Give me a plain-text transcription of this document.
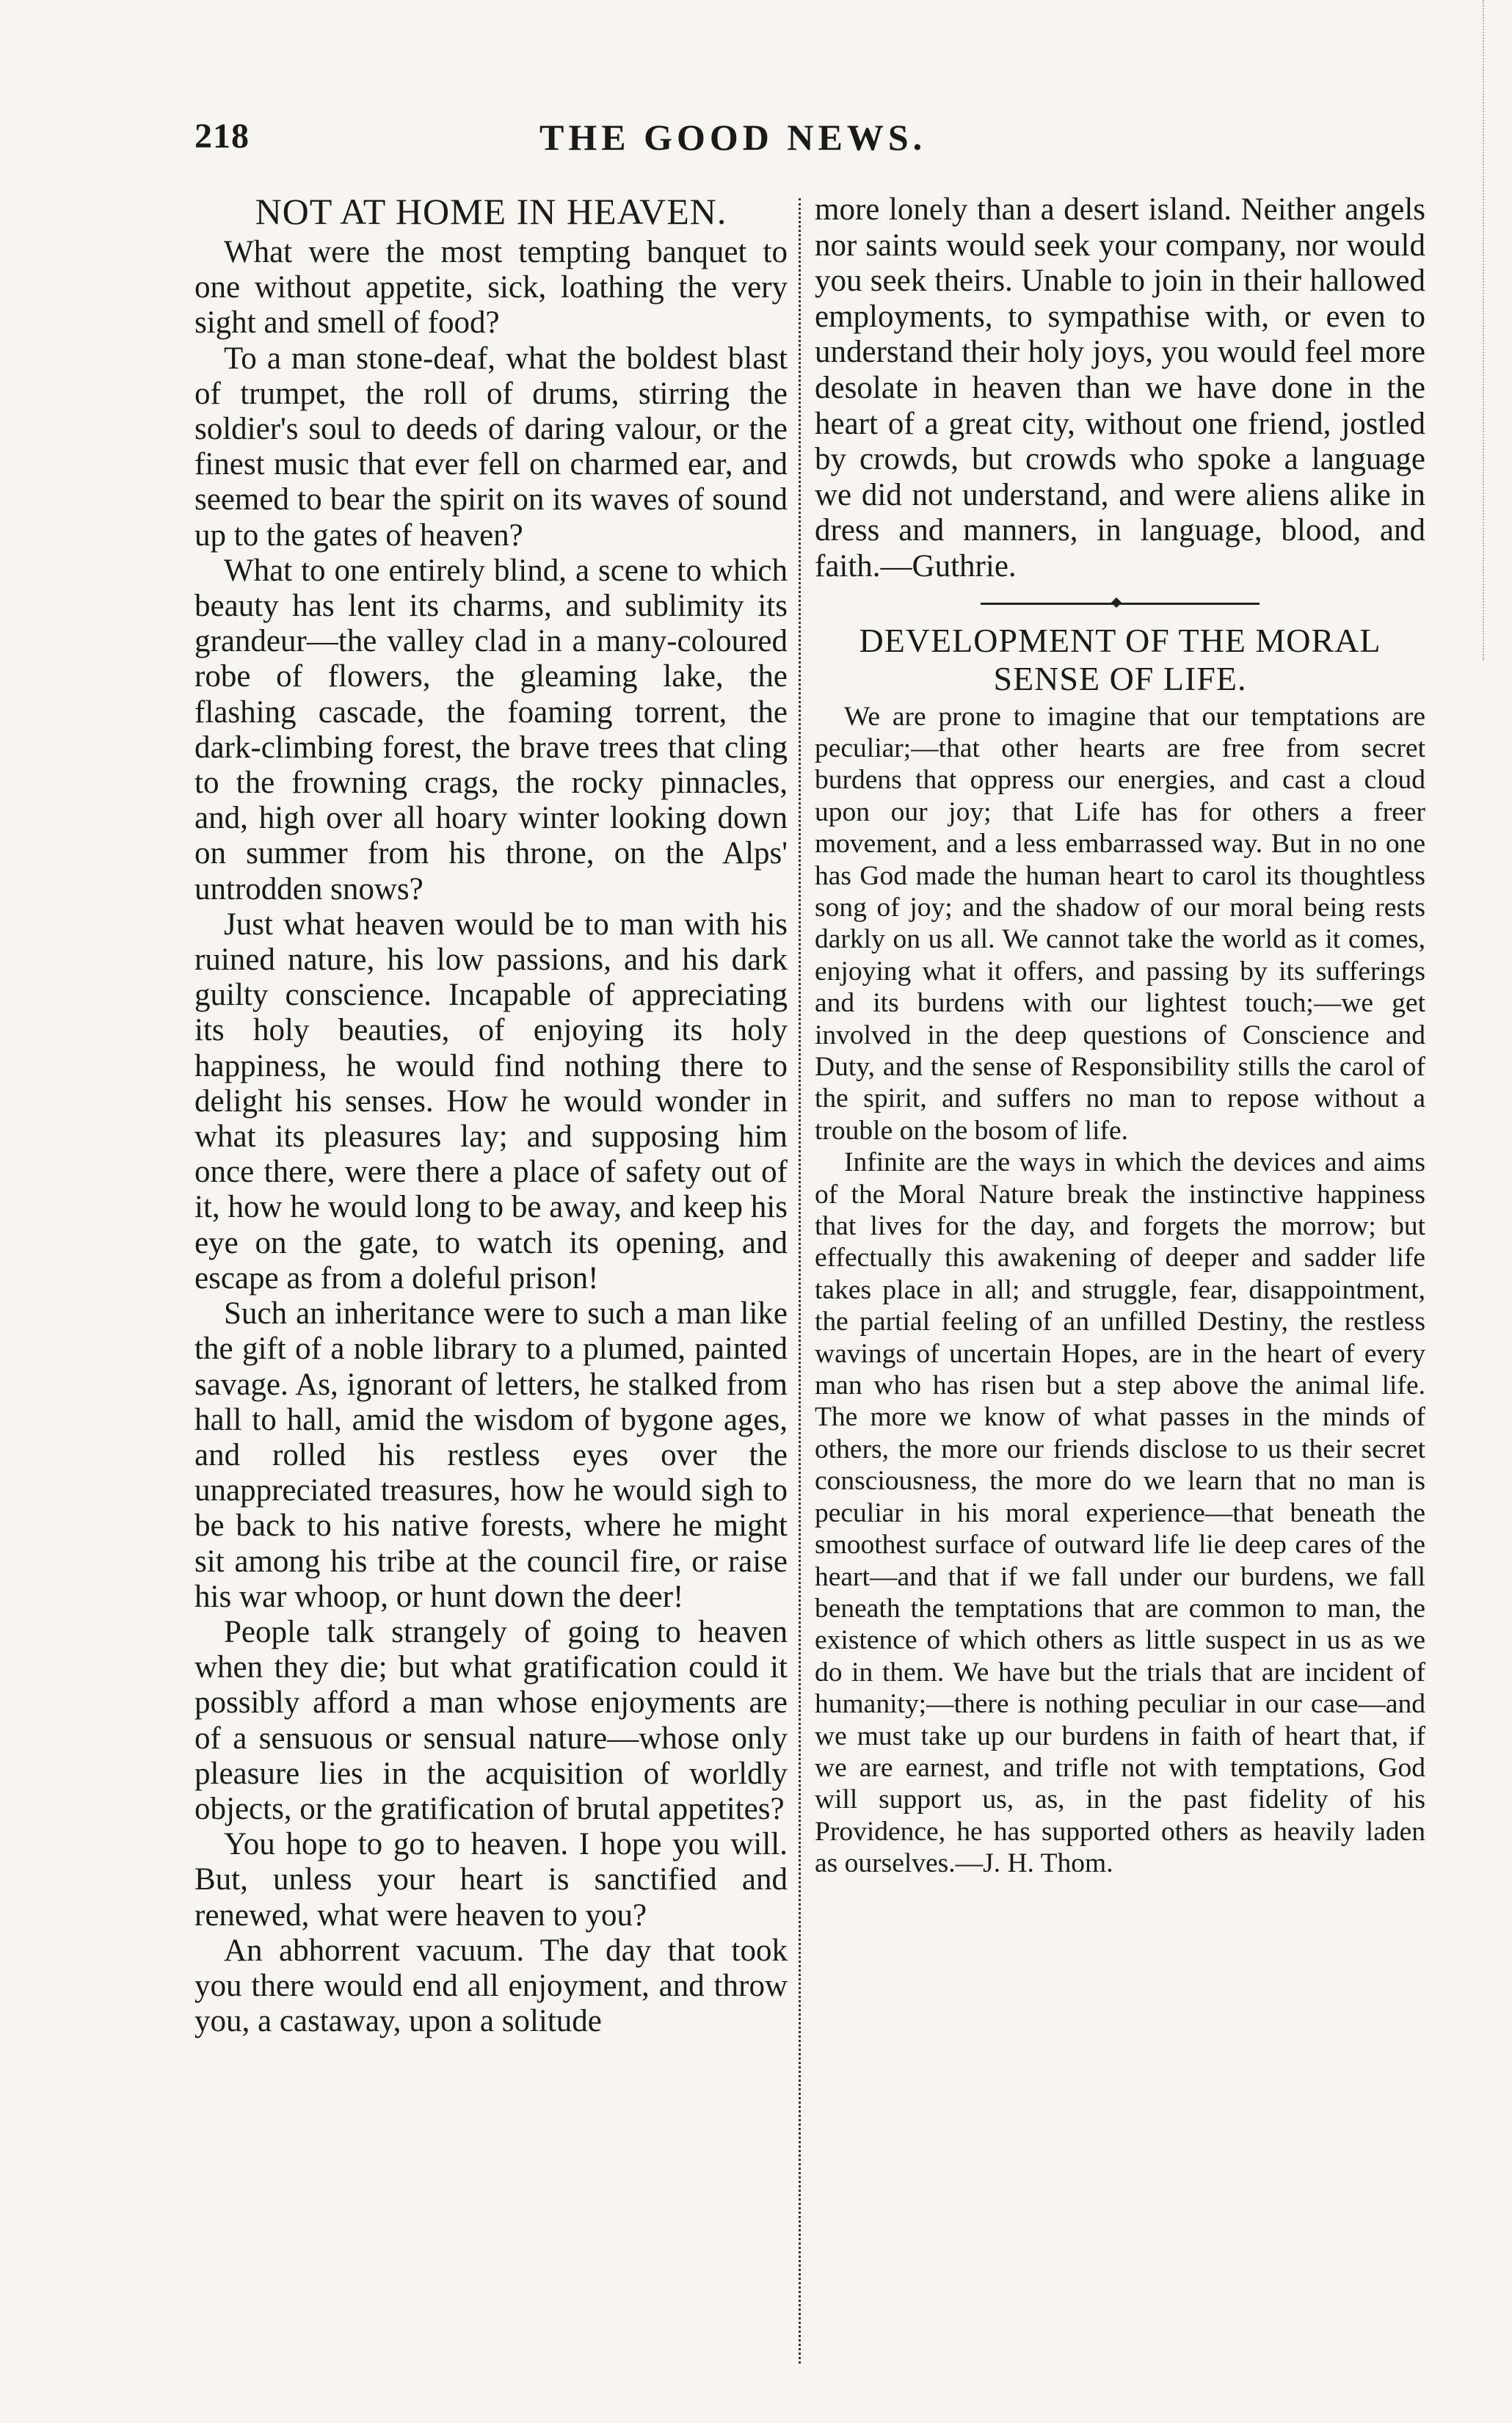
218	THE GOOD NEWS.
NOT AT HOME IN HEAVEN.

What were the most tempting banquet to one without appetite, sick, loathing the very sight and smell of food?

To a man stone-deaf, what the boldest blast of trumpet, the roll of drums, stirring the soldier's soul to deeds of daring valour, or the finest music that ever fell on charmed ear, and seemed to bear the spirit on its waves of sound up to the gates of heaven?

What to one entirely blind, a scene to which beauty has lent its charms, and sublimity its grandeur—the valley clad in a many-coloured robe of flowers, the gleaming lake, the flashing cascade, the foaming torrent, the dark-climbing forest, the brave trees that cling to the frowning crags, the rocky pinnacles, and, high over all hoary winter looking down on summer from his throne, on the Alps' untrodden snows?

Just what heaven would be to man with his ruined nature, his low passions, and his dark guilty conscience. Incapable of appreciating its holy beauties, of enjoying its holy happiness, he would find nothing there to delight his senses. How he would wonder in what its pleasures lay; and supposing him once there, were there a place of safety out of it, how he would long to be away, and keep his eye on the gate, to watch its opening, and escape as from a doleful prison!

Such an inheritance were to such a man like the gift of a noble library to a plumed, painted savage. As, ignorant of letters, he stalked from hall to hall, amid the wisdom of bygone ages, and rolled his restless eyes over the unappreciated treasures, how he would sigh to be back to his native forests, where he might sit among his tribe at the council fire, or raise his war whoop, or hunt down the deer!

People talk strangely of going to heaven when they die; but what gratification could it possibly afford a man whose enjoyments are of a sensuous or sensual nature—whose only pleasure lies in the acquisition of worldly objects, or the gratification of brutal appetites?

You hope to go to heaven. I hope you will. But, unless your heart is sanctified and renewed, what were heaven to you?

An abhorrent vacuum. The day that took you there would end all enjoyment, and throw you, a castaway, upon a solitude

more lonely than a desert island. Neither angels nor saints would seek your company, nor would you seek theirs. Unable to join in their hallowed employments, to sympathise with, or even to understand their holy joys, you would feel more desolate in heaven than we have done in the heart of a great city, without one friend, jostled by crowds, but crowds who spoke a language we did not understand, and were aliens alike in dress and manners, in language, blood, and faith.—Guthrie.

DEVELOPMENT OF THE MORAL SENSE OF LIFE.

We are prone to imagine that our temptations are peculiar;—that other hearts are free from secret burdens that oppress our energies, and cast a cloud upon our joy; that Life has for others a freer movement, and a less embarrassed way. But in no one has God made the human heart to carol its thoughtless song of joy; and the shadow of our moral being rests darkly on us all. We cannot take the world as it comes, enjoying what it offers, and passing by its sufferings and its burdens with our lightest touch;—we get involved in the deep questions of Conscience and Duty, and the sense of Responsibility stills the carol of the spirit, and suffers no man to repose without a trouble on the bosom of life.

Infinite are the ways in which the devices and aims of the Moral Nature break the instinctive happiness that lives for the day, and forgets the morrow; but effectually this awakening of deeper and sadder life takes place in all; and struggle, fear, disappointment, the partial feeling of an unfilled Destiny, the restless wavings of uncertain Hopes, are in the heart of every man who has risen but a step above the animal life. The more we know of what passes in the minds of others, the more our friends disclose to us their secret consciousness, the more do we learn that no man is peculiar in his moral experience—that beneath the smoothest surface of outward life lie deep cares of the heart—and that if we fall under our burdens, we fall beneath the temptations that are common to man, the existence of which others as little suspect in us as we do in them. We have but the trials that are incident of humanity;—there is nothing peculiar in our case—and we must take up our burdens in faith of heart that, if we are earnest, and trifle not with temptations, God will support us, as, in the past fidelity of his Providence, he has supported others as heavily laden as ourselves.—J. H. Thom.
